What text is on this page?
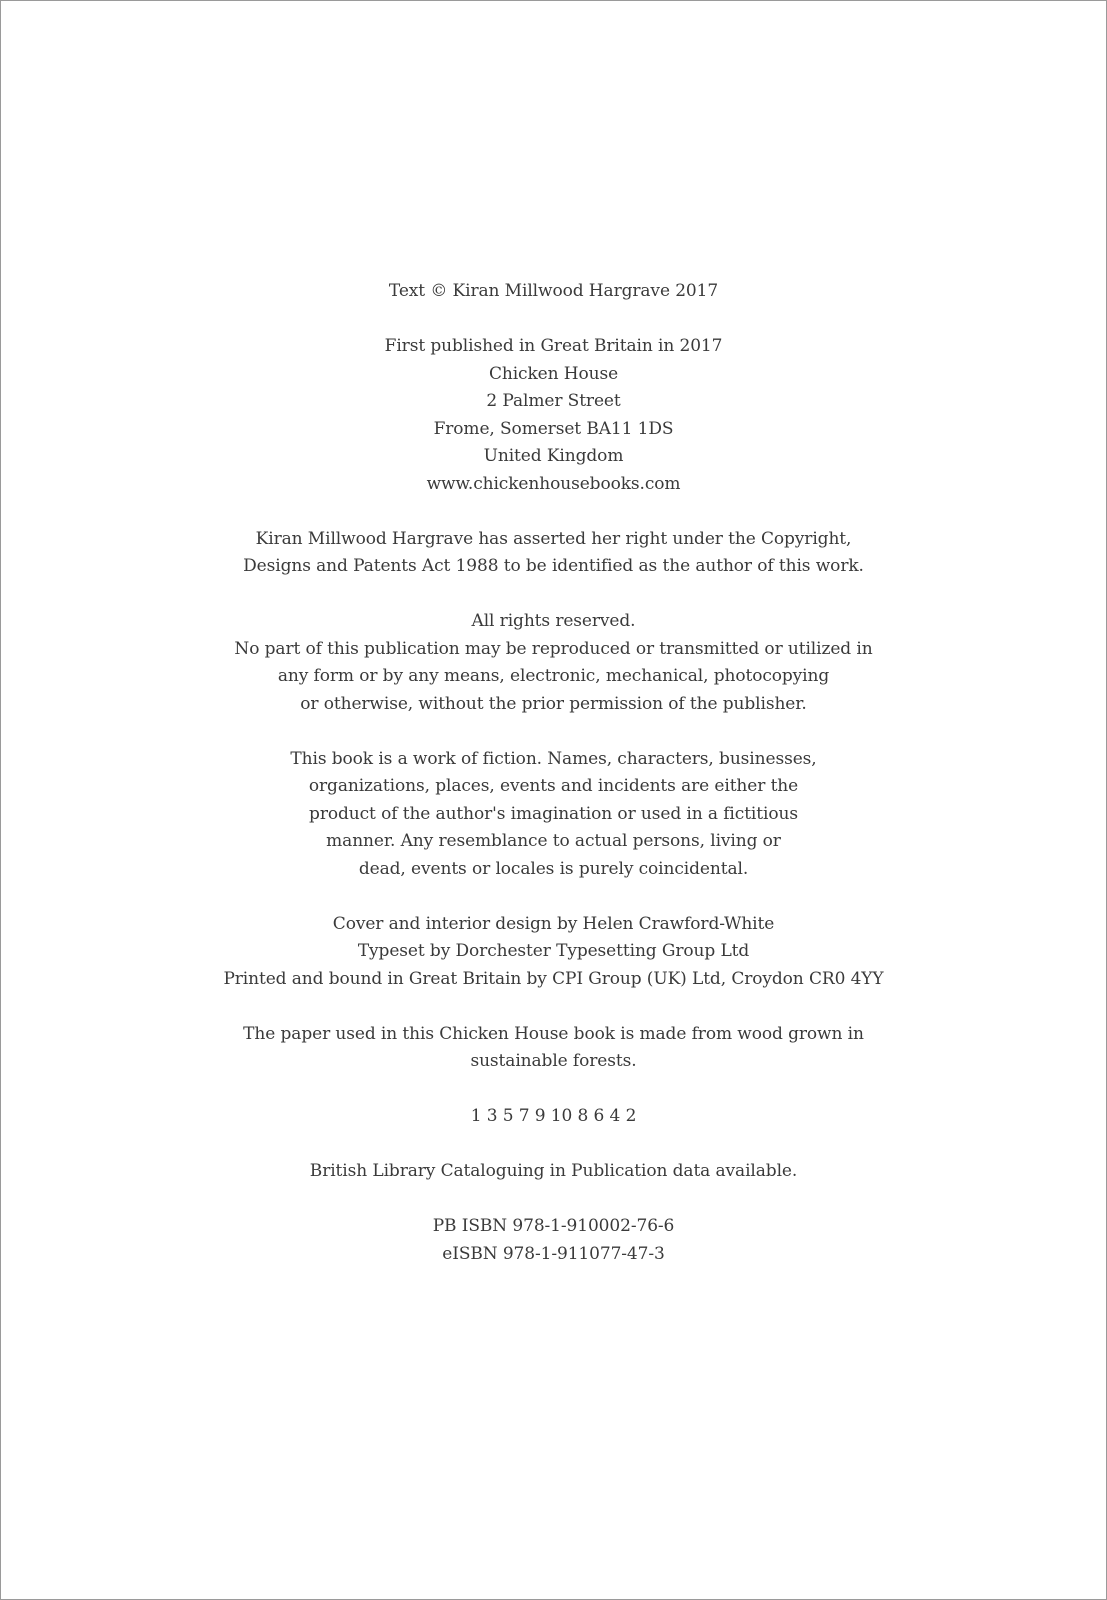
Text © Kiran Millwood Hargrave 2017

First published in Great Britain in 2017
Chicken House
2 Palmer Street
Frome, Somerset BA11 1DS
United Kingdom
www.chickenhousebooks.com

Kiran Millwood Hargrave has asserted her right under the Copyright,
Designs and Patents Act 1988 to be identified as the author of this work.

All rights reserved.
No part of this publication may be reproduced or transmitted or utilized in
any form or by any means, electronic, mechanical, photocopying
or otherwise, without the prior permission of the publisher.

This book is a work of fiction. Names, characters, businesses,
organizations, places, events and incidents are either the
product of the author's imagination or used in a fictitious
manner. Any resemblance to actual persons, living or
dead, events or locales is purely coincidental.

Cover and interior design by Helen Crawford-White
Typeset by Dorchester Typesetting Group Ltd
Printed and bound in Great Britain by CPI Group (UK) Ltd, Croydon CR0 4YY

The paper used in this Chicken House book is made from wood grown in
sustainable forests.

1 3 5 7 9 10 8 6 4 2

British Library Cataloguing in Publication data available.

PB ISBN 978-1-910002-76-6
eISBN 978-1-911077-47-3
